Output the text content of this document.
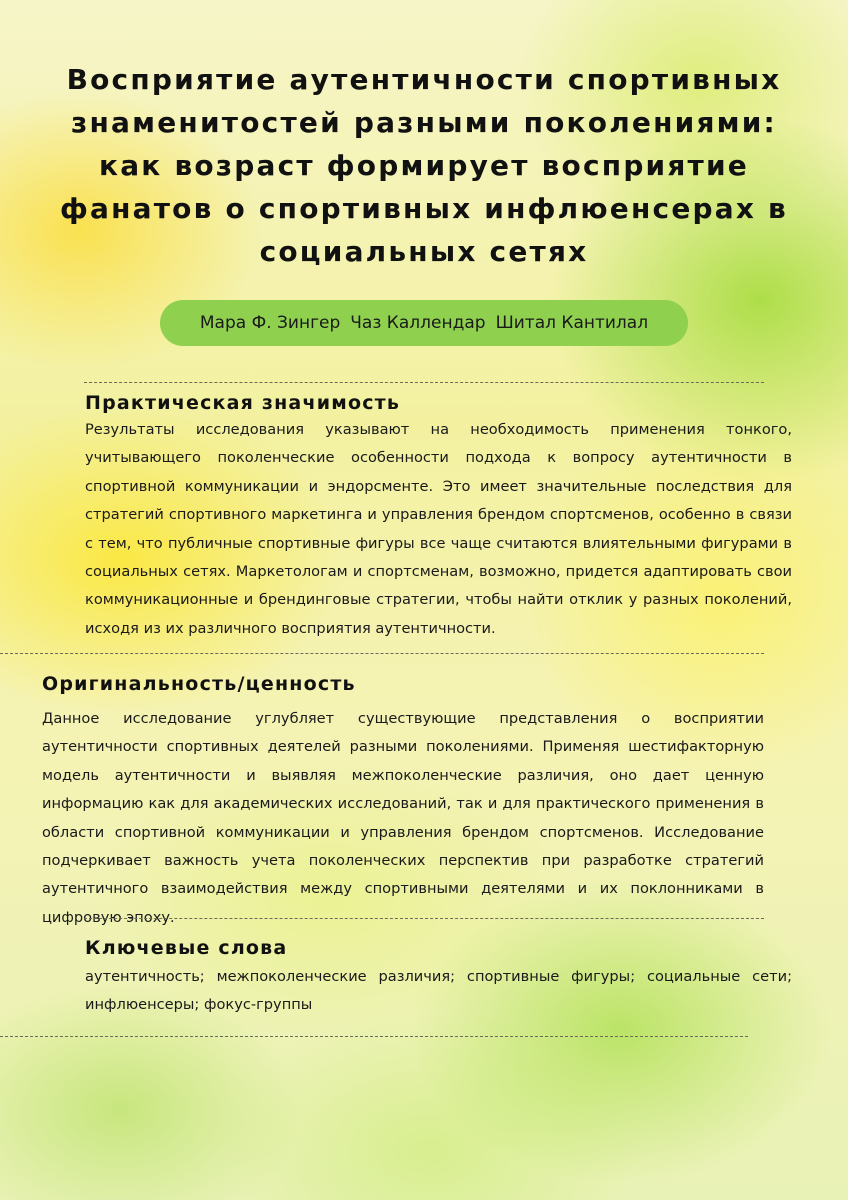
Восприятие аутентичности спортивных знаменитостей разными поколениями: как возраст формирует восприятие фанатов о спортивных инфлюенсерах в социальных сетях
Мара Ф. Зингер Чаз Каллендар Шитал Кантилал
Практическая значимость

Результаты исследования указывают на необходимость применения тонкого, учитывающего поколенческие особенности подхода к вопросу аутентичности в спортивной коммуникации и эндорсменте. Это имеет значительные последствия для стратегий спортивного маркетинга и управления брендом спортсменов, особенно в связи с тем, что публичные спортивные фигуры все чаще считаются влиятельными фигурами в социальных сетях. Маркетологам и спортсменам, возможно, придется адаптировать свои коммуникационные и брендинговые стратегии, чтобы найти отклик у разных поколений, исходя из их различного восприятия аутентичности.

Оригинальность/ценность

Данное исследование углубляет существующие представления о восприятии аутентичности спортивных деятелей разными поколениями. Применяя шестифакторную модель аутентичности и выявляя межпоколенческие различия, оно дает ценную информацию как для академических исследований, так и для практического применения в области спортивной коммуникации и управления брендом спортсменов. Исследование подчеркивает важность учета поколенческих перспектив при разработке стратегий аутентичного взаимодействия между спортивными деятелями и их поклонниками в цифровую эпоху.

Ключевые слова

аутентичность; межпоколенческие различия; спортивные фигуры; социальные сети; инфлюенсеры; фокус-группы
